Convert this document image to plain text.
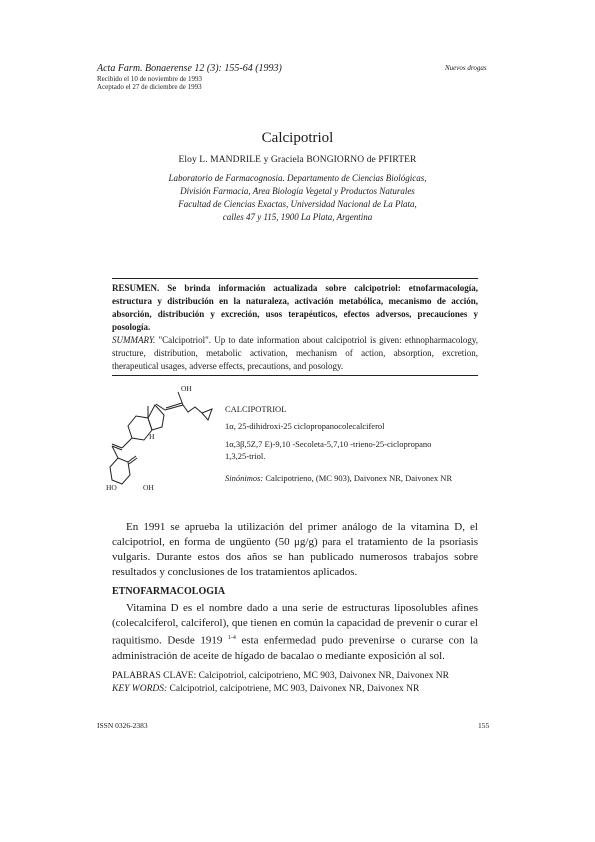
Acta Farm. Bonaerense 12 (3): 155-64 (1993)
Recibido el 10 de noviembre de 1993
Aceptado el 27 de diciembre de 1993
Nuevos drogas
Calcipotriol
Eloy L. MANDRILE y Graciela BONGIORNO de PFIRTER
Laboratorio de Farmacognosia. Departamento de Ciencias Biológicas,
División Farmacia, Area Biología Vegetal y Productos Naturales
Facultad de Ciencias Exactas, Universidad Nacional de La Plata,
calles 47 y 115, 1900 La Plata, Argentina
RESUMEN. Se brinda información actualizada sobre calcipotriol: etnofarmacología, estructura y distribución en la naturaleza, activación metabólica, mecanismo de acción, absorción, distribución y excreción, usos terapéuticos, efectos adversos, precauciones y posología.
SUMMARY. "Calcipotriol". Up to date information about calcipotriol is given: ethnopharmacology, structure, distribution, metabolic activation, mechanism of action, absorption, excretion, therapeutical usages, adverse effects, precautions, and posology.
OH
H
HO	OH
CALCIPOTRIOL
1α, 25-dihidroxi-25 ciclopropanocolecalciferol
1α,3β,5Z,7 E)-9,10 -Secoleta-5,7,10 -trieno-25-ciclopropano
1,3,25-triol.
Sinónimos: Calcipotrieno, (MC 903), Daivonex NR, Daivonex NR
En 1991 se aprueba la utilización del primer análogo de la vitamina D, el calcipotriol, en forma de ungüento (50 μg/g) para el tratamiento de la psoriasis vulgaris. Durante estos dos años se han publicado numerosos trabajos sobre resultados y conclusiones de los tratamientos aplicados.
ETNOFARMACOLOGIA
Vitamina D es el nombre dado a una serie de estructuras liposolubles afines (colecalciferol, calciferol), que tienen en común la capacidad de prevenir o curar el raquitismo. Desde 1919 $^{1-4}$ esta enfermedad pudo prevenirse o curarse con la administración de aceite de hígado de bacalao o mediante exposición al sol.
PALABRAS CLAVE: Calcipotriol, calcipotrieno, MC 903, Daivonex NR, Daivonex NR
KEY WORDS: Calcipotriol, calcipotriene, MC 903, Daivonex NR, Daivonex NR
ISSN 0326-2383	155
